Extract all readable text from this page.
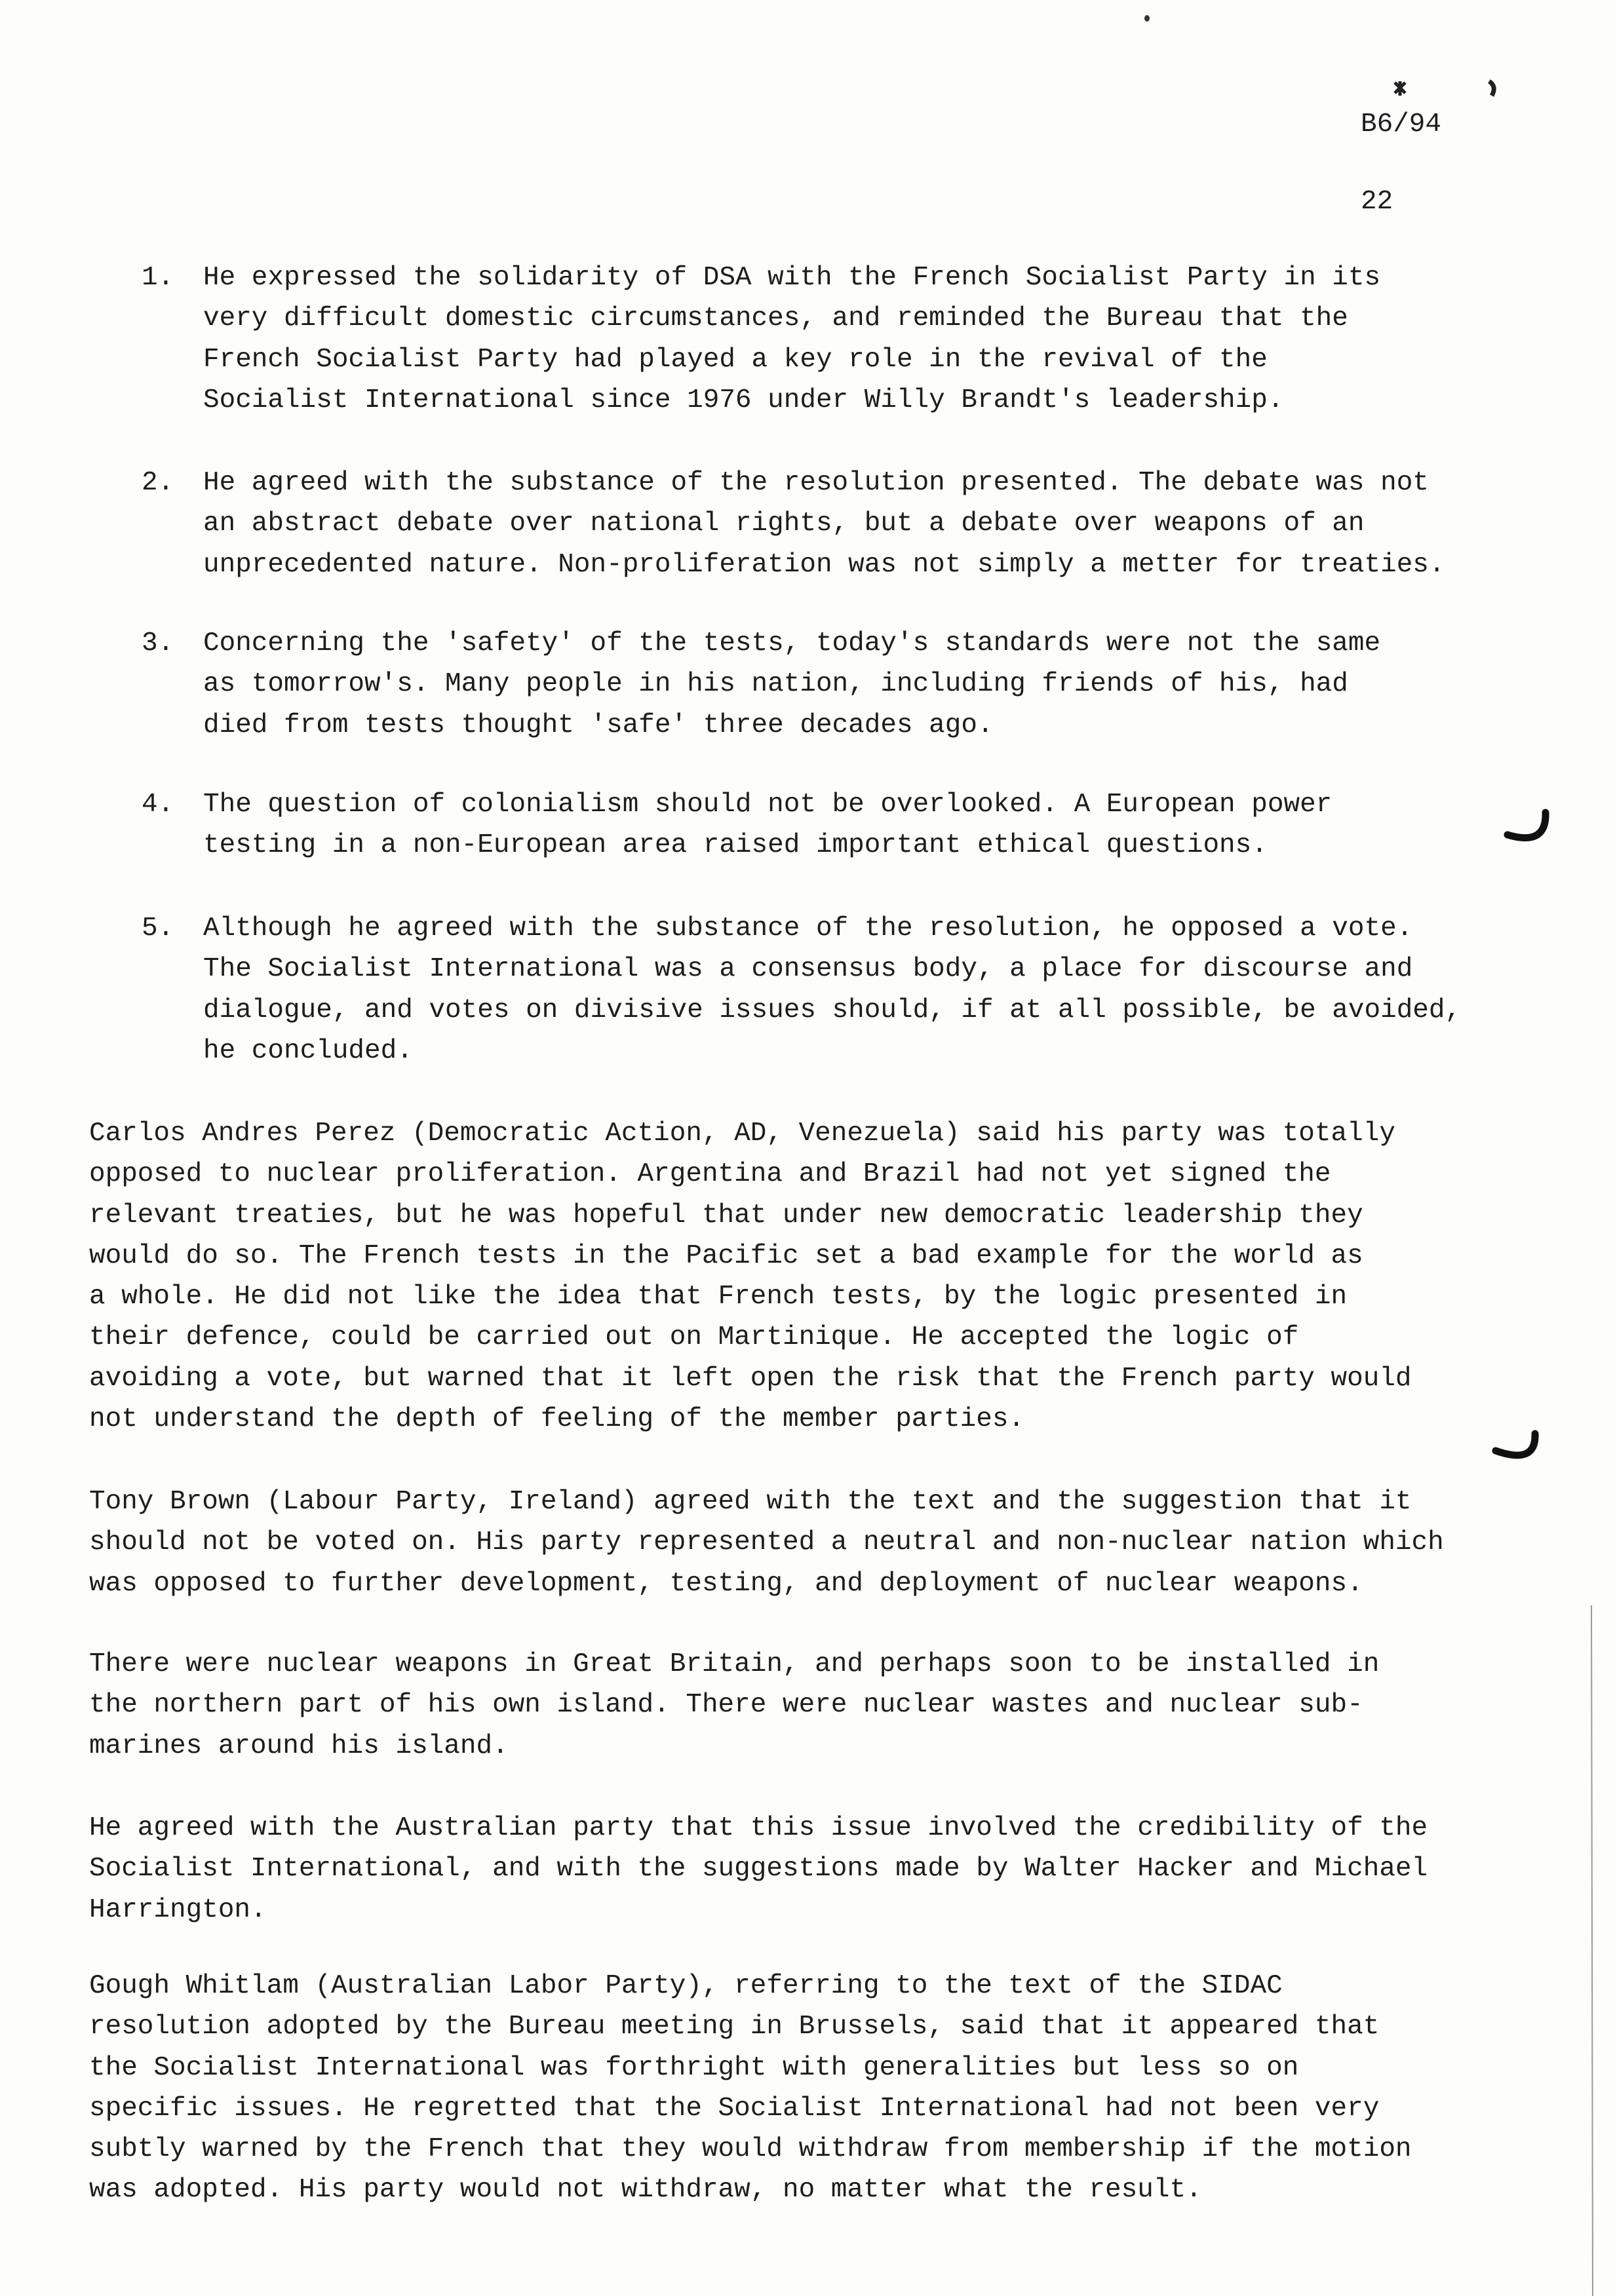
B6/94
22
1. He expressed the solidarity of DSA with the French Socialist Party in its
very difficult domestic circumstances, and reminded the Bureau that the
French Socialist Party had played a key role in the revival of the
Socialist International since 1976 under Willy Brandt's leadership.
2. He agreed with the substance of the resolution presented. The debate was not
an abstract debate over national rights, but a debate over weapons of an
unprecedented nature. Non-proliferation was not simply a metter for treaties.
3. Concerning the 'safety' of the tests, today's standards were not the same
as tomorrow's. Many people in his nation, including friends of his, had
died from tests thought 'safe' three decades ago.
4. The question of colonialism should not be overlooked. A European power
testing in a non-European area raised important ethical questions.
5. Although he agreed with the substance of the resolution, he opposed a vote.
The Socialist International was a consensus body, a place for discourse and
dialogue, and votes on divisive issues should, if at all possible, be avoided,
he concluded.
Carlos Andres Perez (Democratic Action, AD, Venezuela) said his party was totally
opposed to nuclear proliferation. Argentina and Brazil had not yet signed the
relevant treaties, but he was hopeful that under new democratic leadership they
would do so. The French tests in the Pacific set a bad example for the world as
a whole. He did not like the idea that French tests, by the logic presented in
their defence, could be carried out on Martinique. He accepted the logic of
avoiding a vote, but warned that it left open the risk that the French party would
not understand the depth of feeling of the member parties.
Tony Brown (Labour Party, Ireland) agreed with the text and the suggestion that it
should not be voted on. His party represented a neutral and non-nuclear nation which
was opposed to further development, testing, and deployment of nuclear weapons.
There were nuclear weapons in Great Britain, and perhaps soon to be installed in
the northern part of his own island. There were nuclear wastes and nuclear sub-
marines around his island.
He agreed with the Australian party that this issue involved the credibility of the
Socialist International, and with the suggestions made by Walter Hacker and Michael
Harrington.
Gough Whitlam (Australian Labor Party), referring to the text of the SIDAC
resolution adopted by the Bureau meeting in Brussels, said that it appeared that
the Socialist International was forthright with generalities but less so on
specific issues. He regretted that the Socialist International had not been very
subtly warned by the French that they would withdraw from membership if the motion
was adopted. His party would not withdraw, no matter what the result.
